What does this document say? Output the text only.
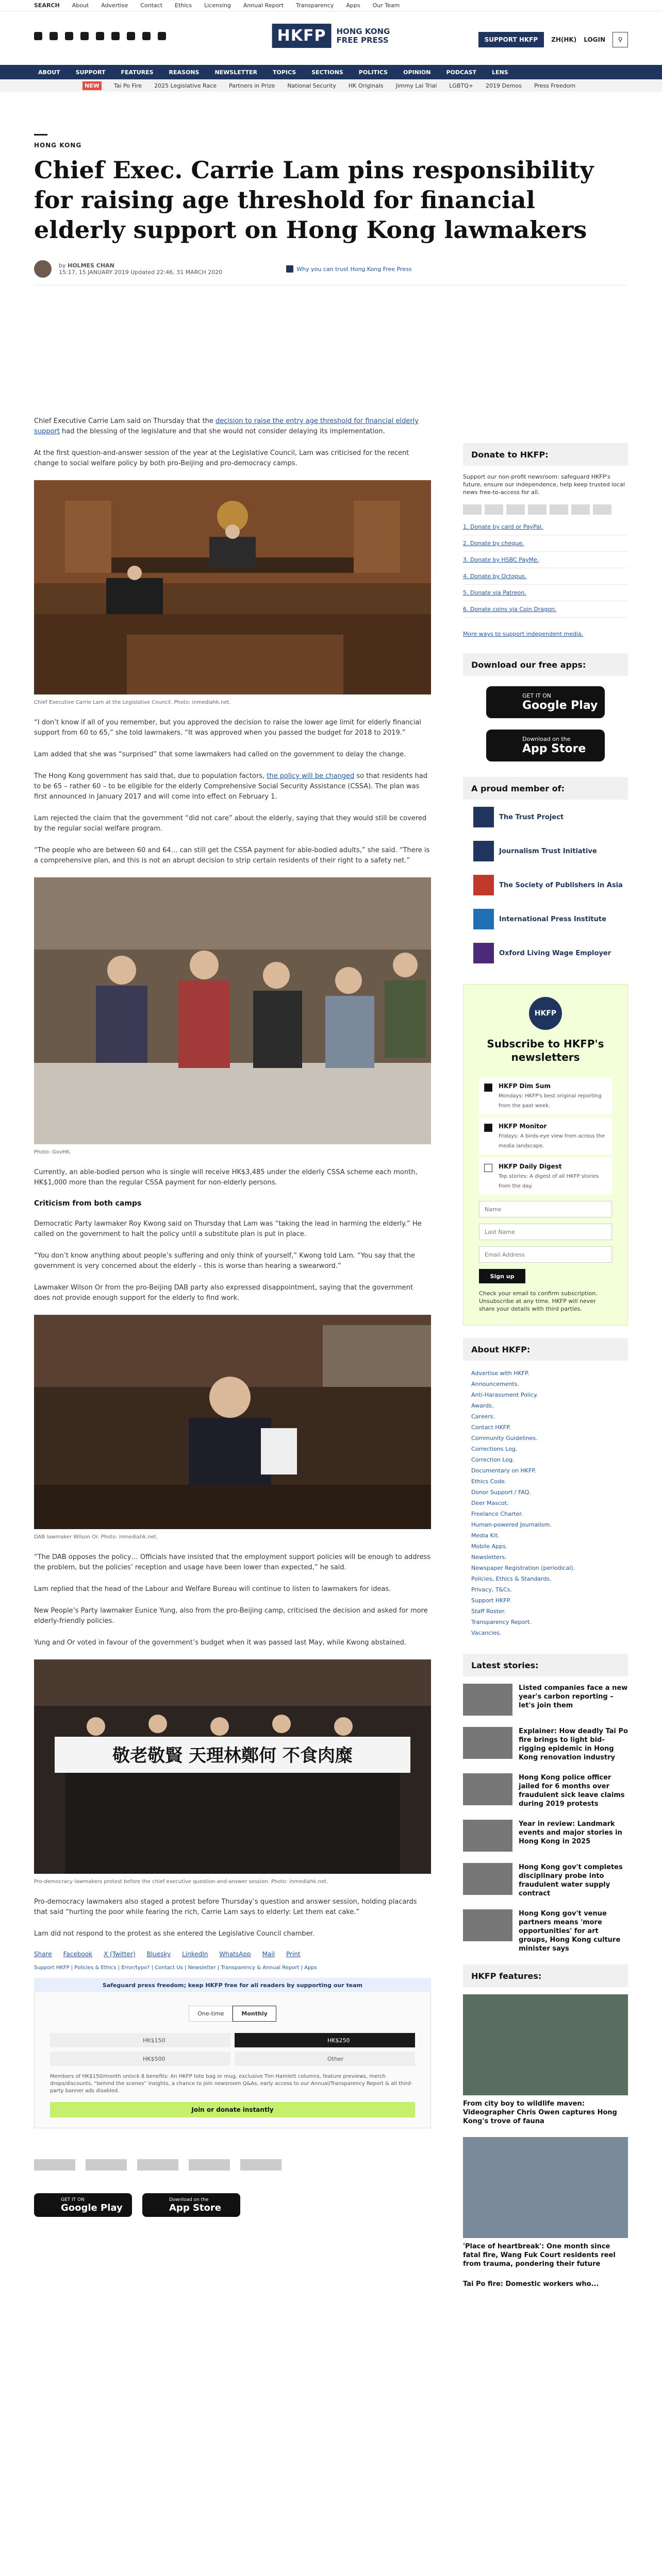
SEARCH About Advertise Contact Ethics Licensing Annual Report Transparency Apps Our Team
HKFP	HONG KONG
FREE PRESS	SUPPORT HKFP	ZH(HK) LOGIN	⚲
ABOUT	SUPPORT	FEATURES	REASONS	NEWSLETTER	TOPICS	SECTIONS	POLITICS	OPINION	PODCAST	LENS
NEW	Tai Po Fire 2025 Legislative Race Partners in Prize National Security HK Originals Jimmy Lai Trial LGBTQ+ 2019 Demos Press Freedom
HONG KONG
Chief Exec. Carrie Lam pins responsibility for raising age threshold for financial elderly support on Hong Kong lawmakers
by HOLMES CHAN
15:17, 15 JANUARY 2019 Updated 22:46, 31 MARCH 2020	Why you can trust Hong Kong Free Press

Chief Executive Carrie Lam said on Thursday that the decision to raise the entry age threshold for financial elderly support had the blessing of the legislature and that she would not consider delaying its implementation.

At the first question-and-answer session of the year at the Legislative Council, Lam was criticised for the recent change to social welfare policy by both pro-Beijing and pro-democracy camps.

Chief Executive Carrie Lam at the Legislative Council. Photo: inmediahk.net.

“I don’t know if all of you remember, but you approved the decision to raise the lower age limit for elderly financial support from 60 to 65,” she told lawmakers. “It was approved when you passed the budget for 2018 to 2019.”

Lam added that she was “surprised” that some lawmakers had called on the government to delay the change.

The Hong Kong government has said that, due to population factors, the policy will be changed so that residents had to be 65 – rather 60 – to be eligible for the elderly Comprehensive Social Security Assistance (CSSA). The plan was first announced in January 2017 and will come into effect on February 1.

Lam rejected the claim that the government “did not care” about the elderly, saying that they would still be covered by the regular social welfare program.

“The people who are between 60 and 64… can still get the CSSA payment for able-bodied adults,” she said. “There is a comprehensive plan, and this is not an abrupt decision to strip certain residents of their right to a safety net.”

Photo: GovHK.

Currently, an able-bodied person who is single will receive HK$3,485 under the elderly CSSA scheme each month, HK$1,000 more than the regular CSSA payment for non-elderly persons.

Criticism from both camps

Democratic Party lawmaker Roy Kwong said on Thursday that Lam was “taking the lead in harming the elderly.” He called on the government to halt the policy until a substitute plan is put in place.

“You don’t know anything about people’s suffering and only think of yourself,” Kwong told Lam. “You say that the government is very concerned about the elderly – this is worse than hearing a swearword.”

Lawmaker Wilson Or from the pro-Beijing DAB party also expressed disappointment, saying that the government does not provide enough support for the elderly to find work.

DAB lawmaker Wilson Or. Photo: inmediahk.net.

“The DAB opposes the policy… Officials have insisted that the employment support policies will be enough to address the problem, but the policies’ reception and usage have been lower than expected,” he said.

Lam replied that the head of the Labour and Welfare Bureau will continue to listen to lawmakers for ideas.

New People’s Party lawmaker Eunice Yung, also from the pro-Beijing camp, criticised the decision and asked for more elderly-friendly policies.

Yung and Or voted in favour of the government’s budget when it was passed last May, while Kwong abstained.

敬老敬賢 天理林鄭何 不食肉糜
Pro-democracy lawmakers protest before the chief executive question-and-answer session. Photo: inmediahk.net.

Pro-democracy lawmakers also staged a protest before Thursday’s question and answer session, holding placards that said “hurting the poor while fearing the rich, Carrie Lam says to elderly: Let them eat cake.”

Lam did not respond to the protest as she entered the Legislative Council chamber.

Share Facebook X (Twitter) Bluesky LinkedIn WhatsApp Mail Print
Support HKFP | Policies & Ethics | Error/typo? | Contact Us | Newsletter | Transparency & Annual Report | Apps
Safeguard press freedom; keep HKFP free for all readers by supporting our team
One-time	Monthly
HK$150	HK$250
HK$500	Other
Members of HK$150/month unlock 8 benefits: An HKFP tote bag or mug, exclusive Tim Hamlett columns, feature previews, merch drops/discounts, “behind the scenes” insights, a chance to join newsroom Q&As, early access to our Annual/Transparency Report & all third-party banner ads disabled.
Join or donate instantly
GET IT ON
Google Play
Download on the
App Store
Donate to HKFP:

Support our non-profit newsroom: safeguard HKFP's future, ensure our independence, help keep trusted local news free-to-access for all.

1. Donate by card or PayPal.
2. Donate by cheque.
3. Donate by HSBC PayMe.
4. Donate by Octopus.
5. Donate via Patreon.
6. Donate coins via Coin Dragon.

More ways to support independent media.

Download our free apps:
GET IT ON
Google Play
Download on the
App Store
A proud member of:
The Trust Project
Journalism Trust Initiative
The Society of Publishers in Asia
International Press Institute
Oxford Living Wage Employer
HKFP
Subscribe to HKFP's newsletters
HKFP Dim Sum
Mondays: HKFP's best original reporting from the past week.
HKFP Monitor
Fridays: A birds-eye view from across the media landscape.
HKFP Daily Digest
Top stories: A digest of all HKFP stories from the day.
Name
Last Name
Email Address
Sign up

Check your email to confirm subscription. Unsubscribe at any time. HKFP will never share your details with third parties.

About HKFP:
Advertise with HKFP.
Announcements.
Anti-Harassment Policy.
Awards.
Careers.
Contact HKFP.
Community Guidelines.
Corrections Log.
Correction Log.
Documentary on HKFP.
Ethics Code.
Donor Support / FAQ.
Deer Mascot.
Freelance Charter.
Human-powered Journalism.
Media Kit.
Mobile Apps.
Newsletters.
Newspaper Registration (periodical).
Policies, Ethics & Standards.
Privacy, T&Cs.
Support HKFP.
Staff Roster.
Transparency Report.
Vacancies.
Latest stories:
Listed companies face a new year's carbon reporting – let's join them
Explainer: How deadly Tai Po fire brings to light bid-rigging epidemic in Hong Kong renovation industry
Hong Kong police officer jailed for 6 months over fraudulent sick leave claims during 2019 protests
Year in review: Landmark events and major stories in Hong Kong in 2025
Hong Kong gov't completes disciplinary probe into fraudulent water supply contract
Hong Kong gov't venue partners means 'more opportunities' for art groups, Hong Kong culture minister says
HKFP features:
From city boy to wildlife maven: Videographer Chris Owen captures Hong Kong's trove of fauna
'Place of heartbreak': One month since fatal fire, Wang Fuk Court residents reel from trauma, pondering their future
Tai Po fire: Domestic workers who...
